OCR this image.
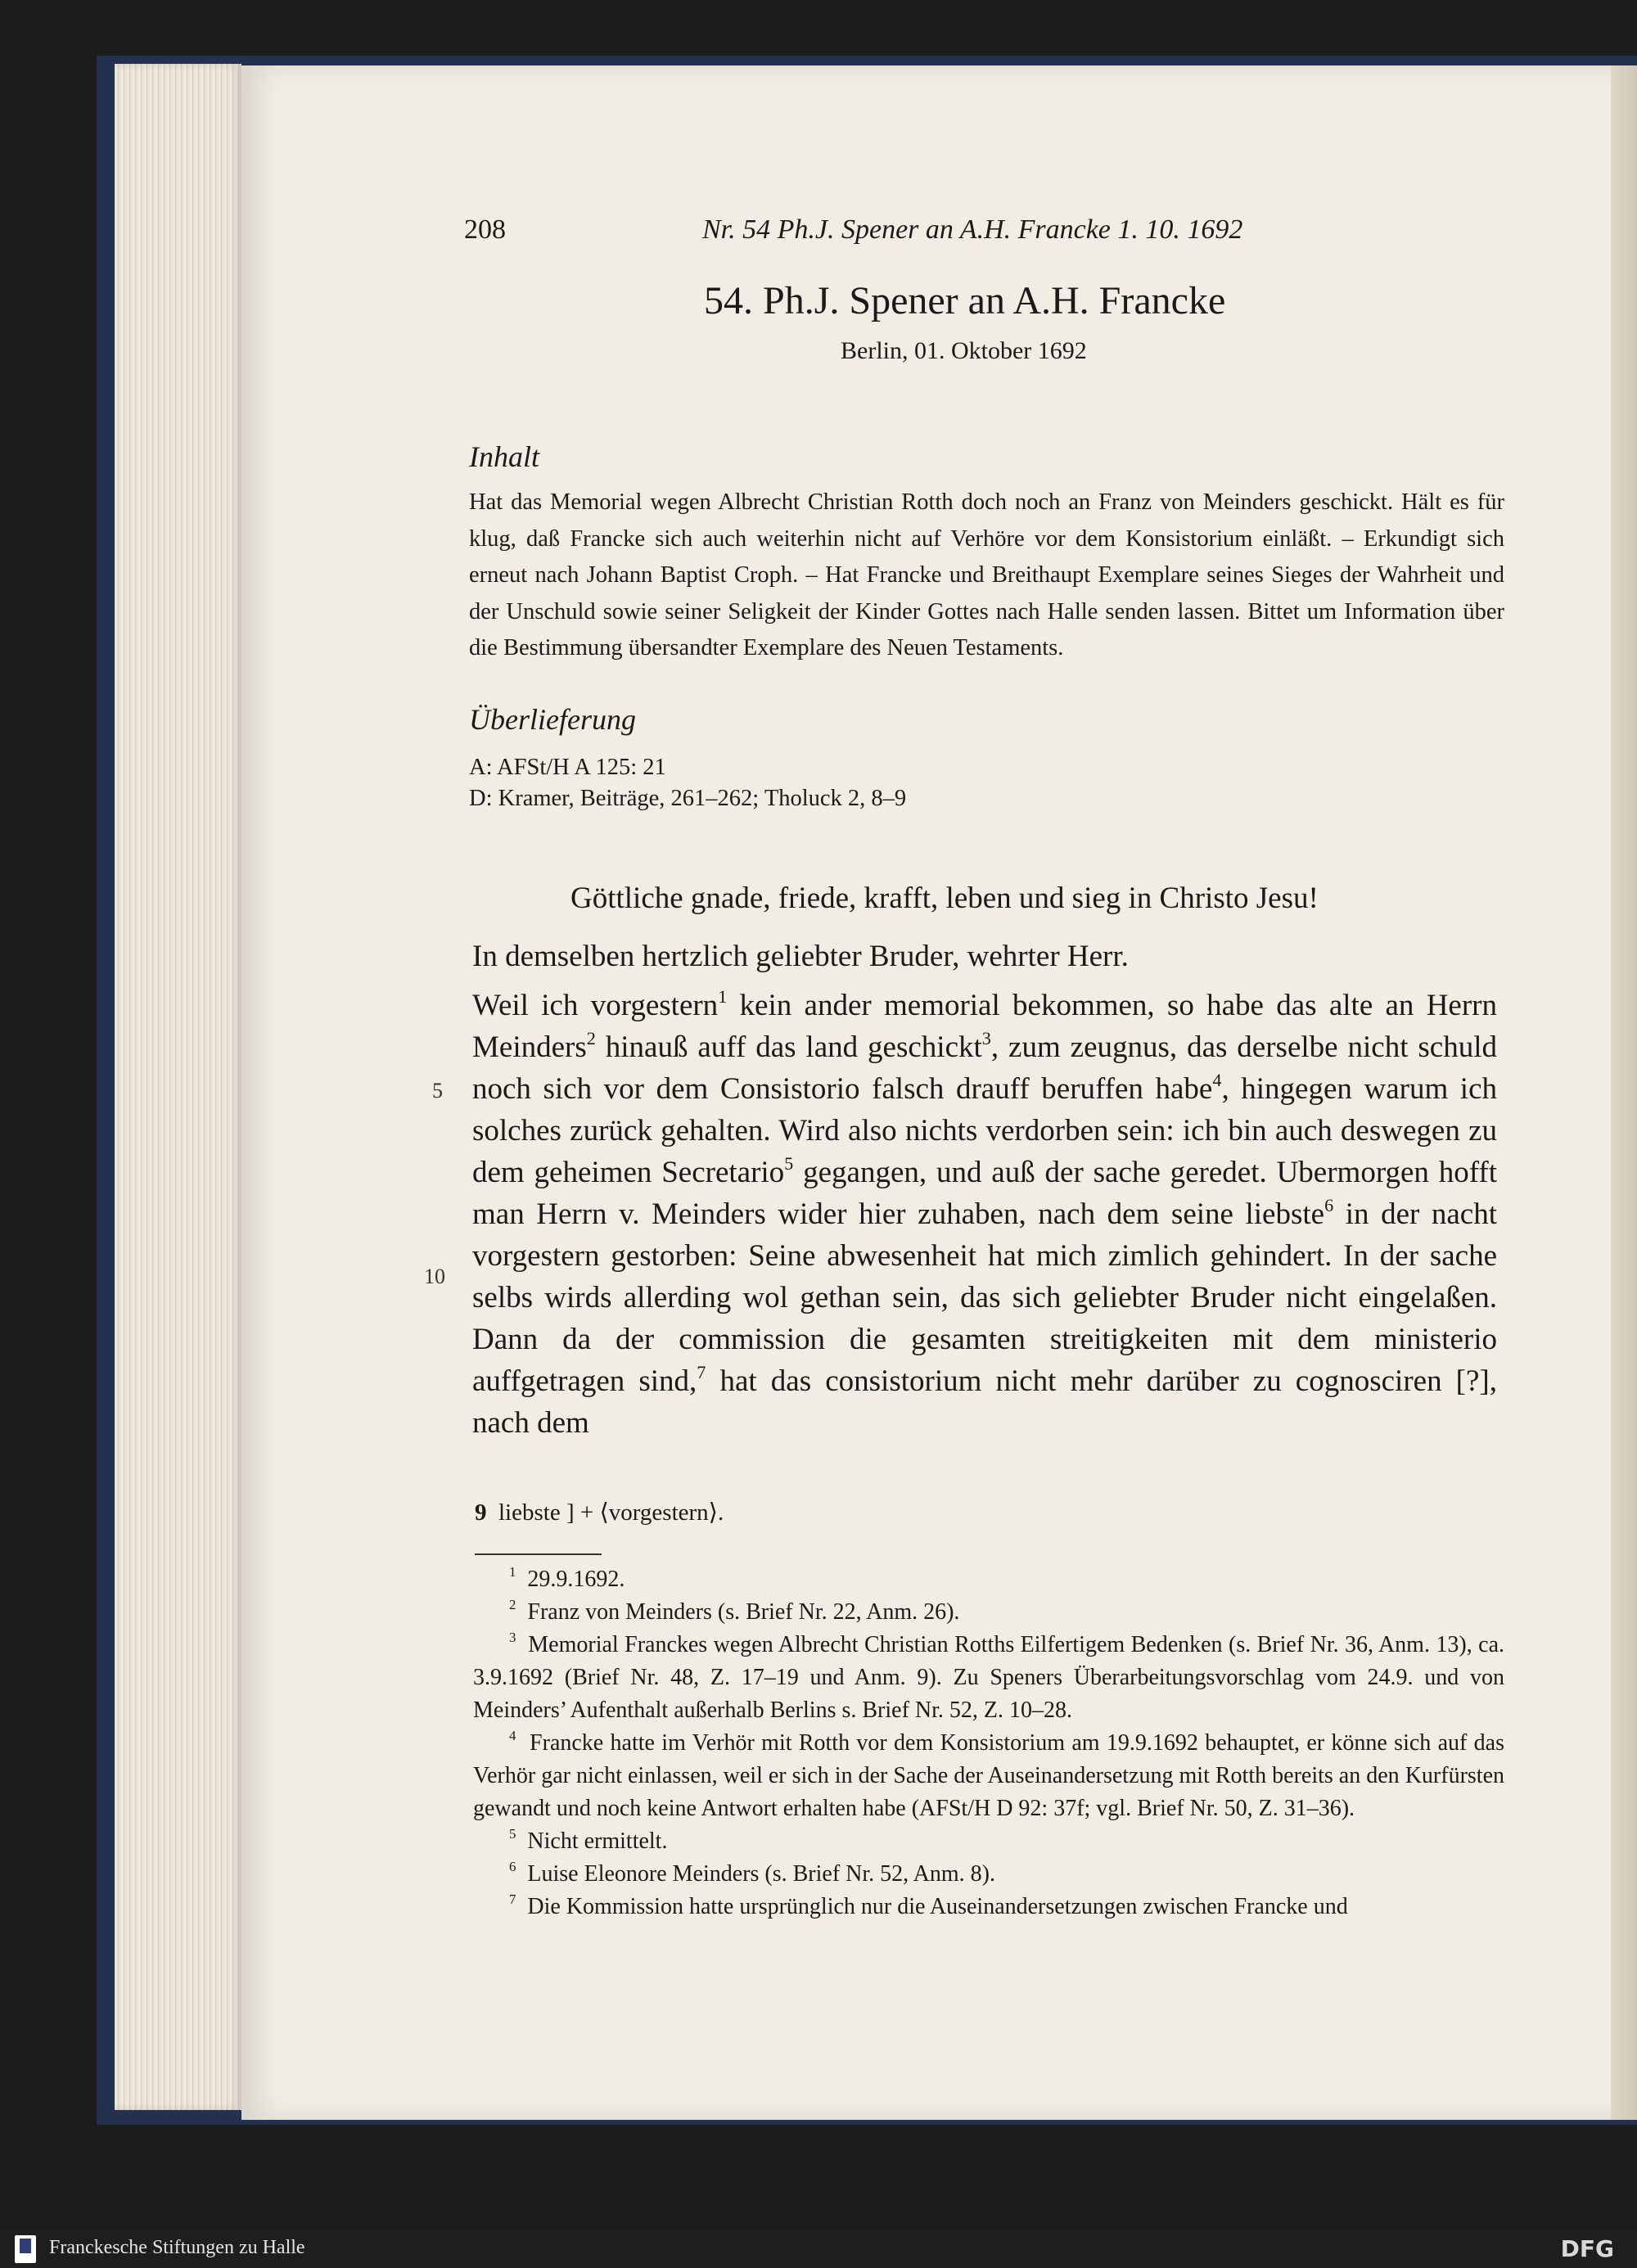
208	Nr. 54 Ph.J. Spener an A.H. Francke 1. 10. 1692
54. Ph.J. Spener an A.H. Francke
Berlin, 01. Oktober 1692
Inhalt
Hat das Memorial wegen Albrecht Christian Rotth doch noch an Franz von Meinders geschickt. Hält es für klug, daß Francke sich auch weiterhin nicht auf Verhöre vor dem Konsistorium einläßt. – Erkundigt sich erneut nach Johann Baptist Croph. – Hat Francke und Breithaupt Exemplare seines Sieges der Wahrheit und der Unschuld sowie seiner Seligkeit der Kinder Gottes nach Halle senden lassen. Bittet um Information über die Bestimmung übersandter Exemplare des Neuen Testaments.
Überlieferung
A: AFSt/H A 125: 21
D: Kramer, Beiträge, 261–262; Tholuck 2, 8–9
Göttliche gnade, friede, krafft, leben und sieg in Christo Jesu!
In demselben hertzlich geliebter Bruder, wehrter Herr.
Weil ich vorgestern$^1$ kein ander memorial bekommen, so habe das alte an Herrn Meinders$^2$ hinauß auff das land geschickt$^3$, zum zeugnus, das derselbe nicht schuld noch sich vor dem Consistorio falsch drauff beruffen habe$^4$, hingegen warum ich solches zurück gehalten. Wird also nichts verdorben sein: ich bin auch deswegen zu dem geheimen Secretario$^5$ gegangen, und auß der sache geredet. Ubermorgen hofft man Herrn v. Meinders wider hier zuhaben, nach dem seine liebste$^6$ in der nacht vorgestern gestorben: Seine abwesenheit hat mich zimlich gehindert. In der sache selbs wirds allerding wol gethan sein, das sich geliebter Bruder nicht eingelaßen. Dann da der commission die gesamten streitigkeiten mit dem ministerio auffgetragen sind,$^7$ hat das consistorium nicht mehr darüber zu cognosciren [?], nach dem
5
10
9 liebste ] + ⟨vorgestern⟩.
$^1$ 29.9.1692.
$^2$ Franz von Meinders (s. Brief Nr. 22, Anm. 26).
$^3$ Memorial Franckes wegen Albrecht Christian Rotths Eilfertigem Bedenken (s. Brief Nr. 36, Anm. 13), ca. 3.9.1692 (Brief Nr. 48, Z. 17–19 und Anm. 9). Zu Speners Überarbeitungsvorschlag vom 24.9. und von Meinders’ Aufenthalt außerhalb Berlins s. Brief Nr. 52, Z. 10–28.
$^4$ Francke hatte im Verhör mit Rotth vor dem Konsistorium am 19.9.1692 behauptet, er könne sich auf das Verhör gar nicht einlassen, weil er sich in der Sache der Auseinandersetzung mit Rotth bereits an den Kurfürsten gewandt und noch keine Antwort erhalten habe (AFSt/H D 92: 37f; vgl. Brief Nr. 50, Z. 31–36).
$^5$ Nicht ermittelt.
$^6$ Luise Eleonore Meinders (s. Brief Nr. 52, Anm. 8).
$^7$ Die Kommission hatte ursprünglich nur die Auseinandersetzungen zwischen Francke und
Franckesche Stiftungen zu Halle	DFG
